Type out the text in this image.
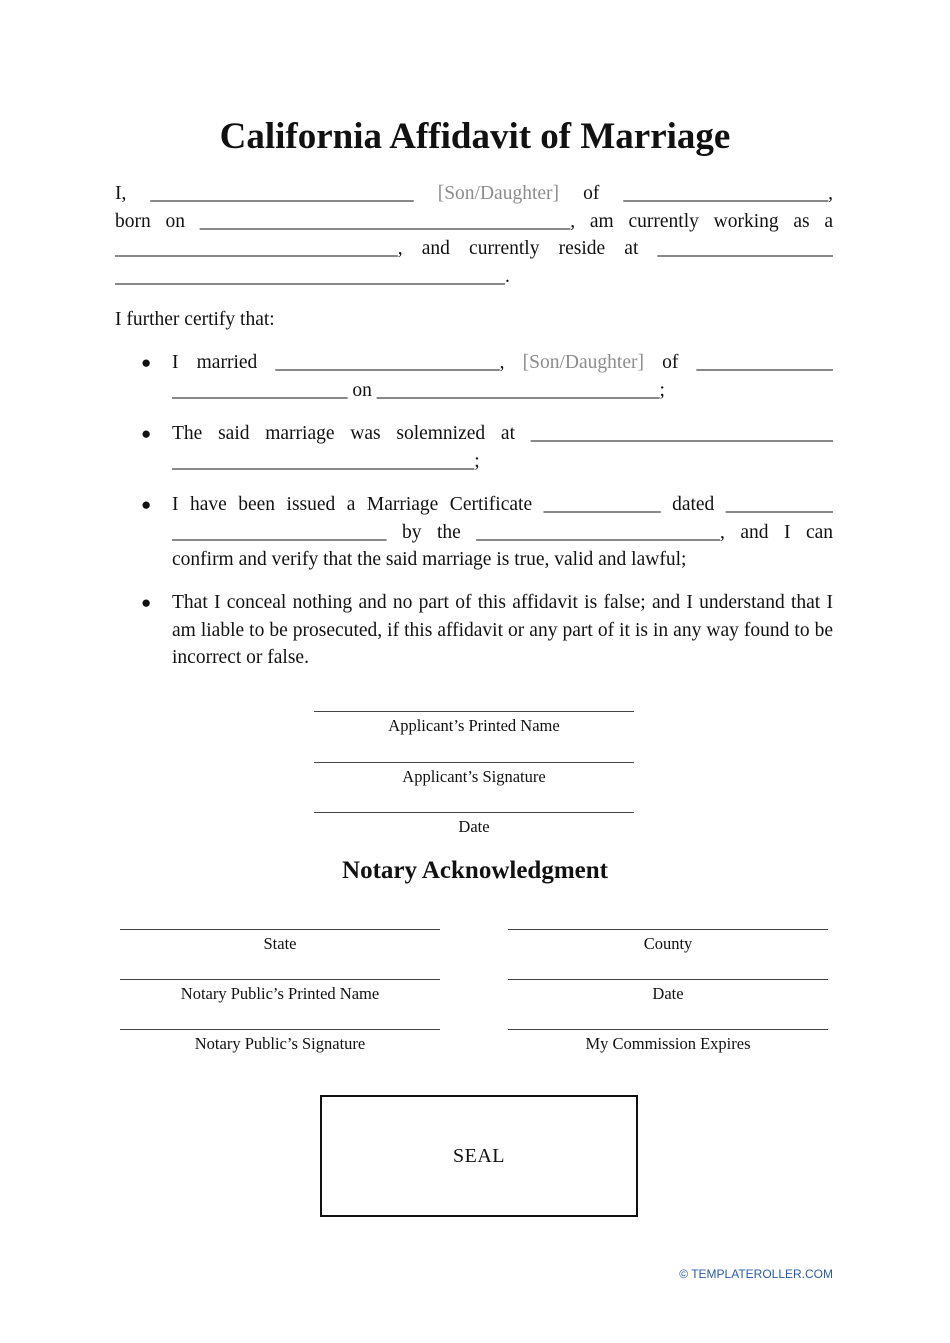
California Affidavit of Marriage
I, ___________________________ [Son/Daughter] of _____________________,
born on ______________________________________, am currently working as a
_____________________________, and currently reside at __________________
________________________________________.

I further certify that:

● I married _______________________, [Son/Daughter] of ______________
__________________ on _____________________________;
● The said marriage was solemnized at _______________________________
_______________________________;
● I have been issued a Marriage Certificate ____________ dated ___________
______________________ by the _________________________, and I can
confirm and verify that the said marriage is true, valid and lawful;
● That I conceal nothing and no part of this affidavit is false; and I understand that I am liable to be prosecuted, if this affidavit or any part of it is in any way found to be incorrect or false.

Applicant’s Printed Name
Applicant’s Signature
Date
Notary Acknowledgment
State	County
Notary Public’s Printed Name	Date
Notary Public’s Signature	My Commission Expires
SEAL
© TEMPLATEROLLER.COM
